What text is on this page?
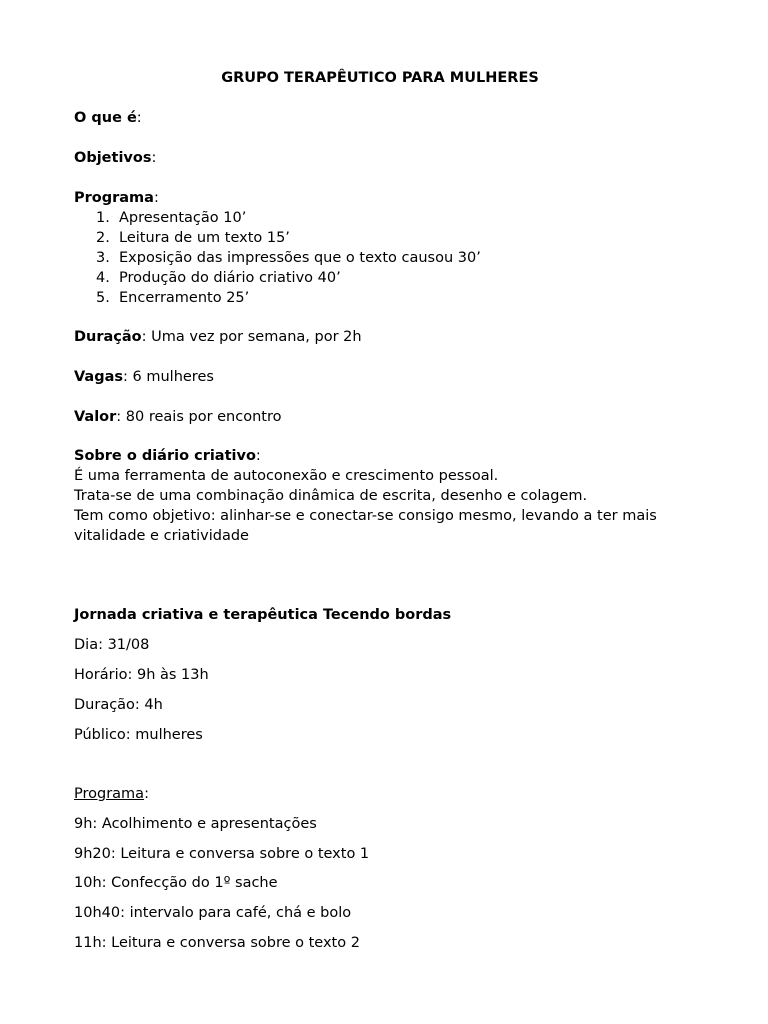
GRUPO TERAPÊUTICO PARA MULHERES
O que é:
Objetivos:
Programa:
1. Apresentação 10’
2. Leitura de um texto 15’
3. Exposição das impressões que o texto causou 30’
4. Produção do diário criativo 40’
5. Encerramento 25’
Duração: Uma vez por semana, por 2h
Vagas: 6 mulheres
Valor: 80 reais por encontro
Sobre o diário criativo:
É uma ferramenta de autoconexão e crescimento pessoal.
Trata-se de uma combinação dinâmica de escrita, desenho e colagem.
Tem como objetivo: alinhar-se e conectar-se consigo mesmo, levando a ter mais
vitalidade e criatividade
Jornada criativa e terapêutica Tecendo bordas
Dia: 31/08
Horário: 9h às 13h
Duração: 4h
Público: mulheres
Programa:
9h: Acolhimento e apresentações
9h20: Leitura e conversa sobre o texto 1
10h: Confecção do 1º sache
10h40: intervalo para café, chá e bolo
11h: Leitura e conversa sobre o texto 2
